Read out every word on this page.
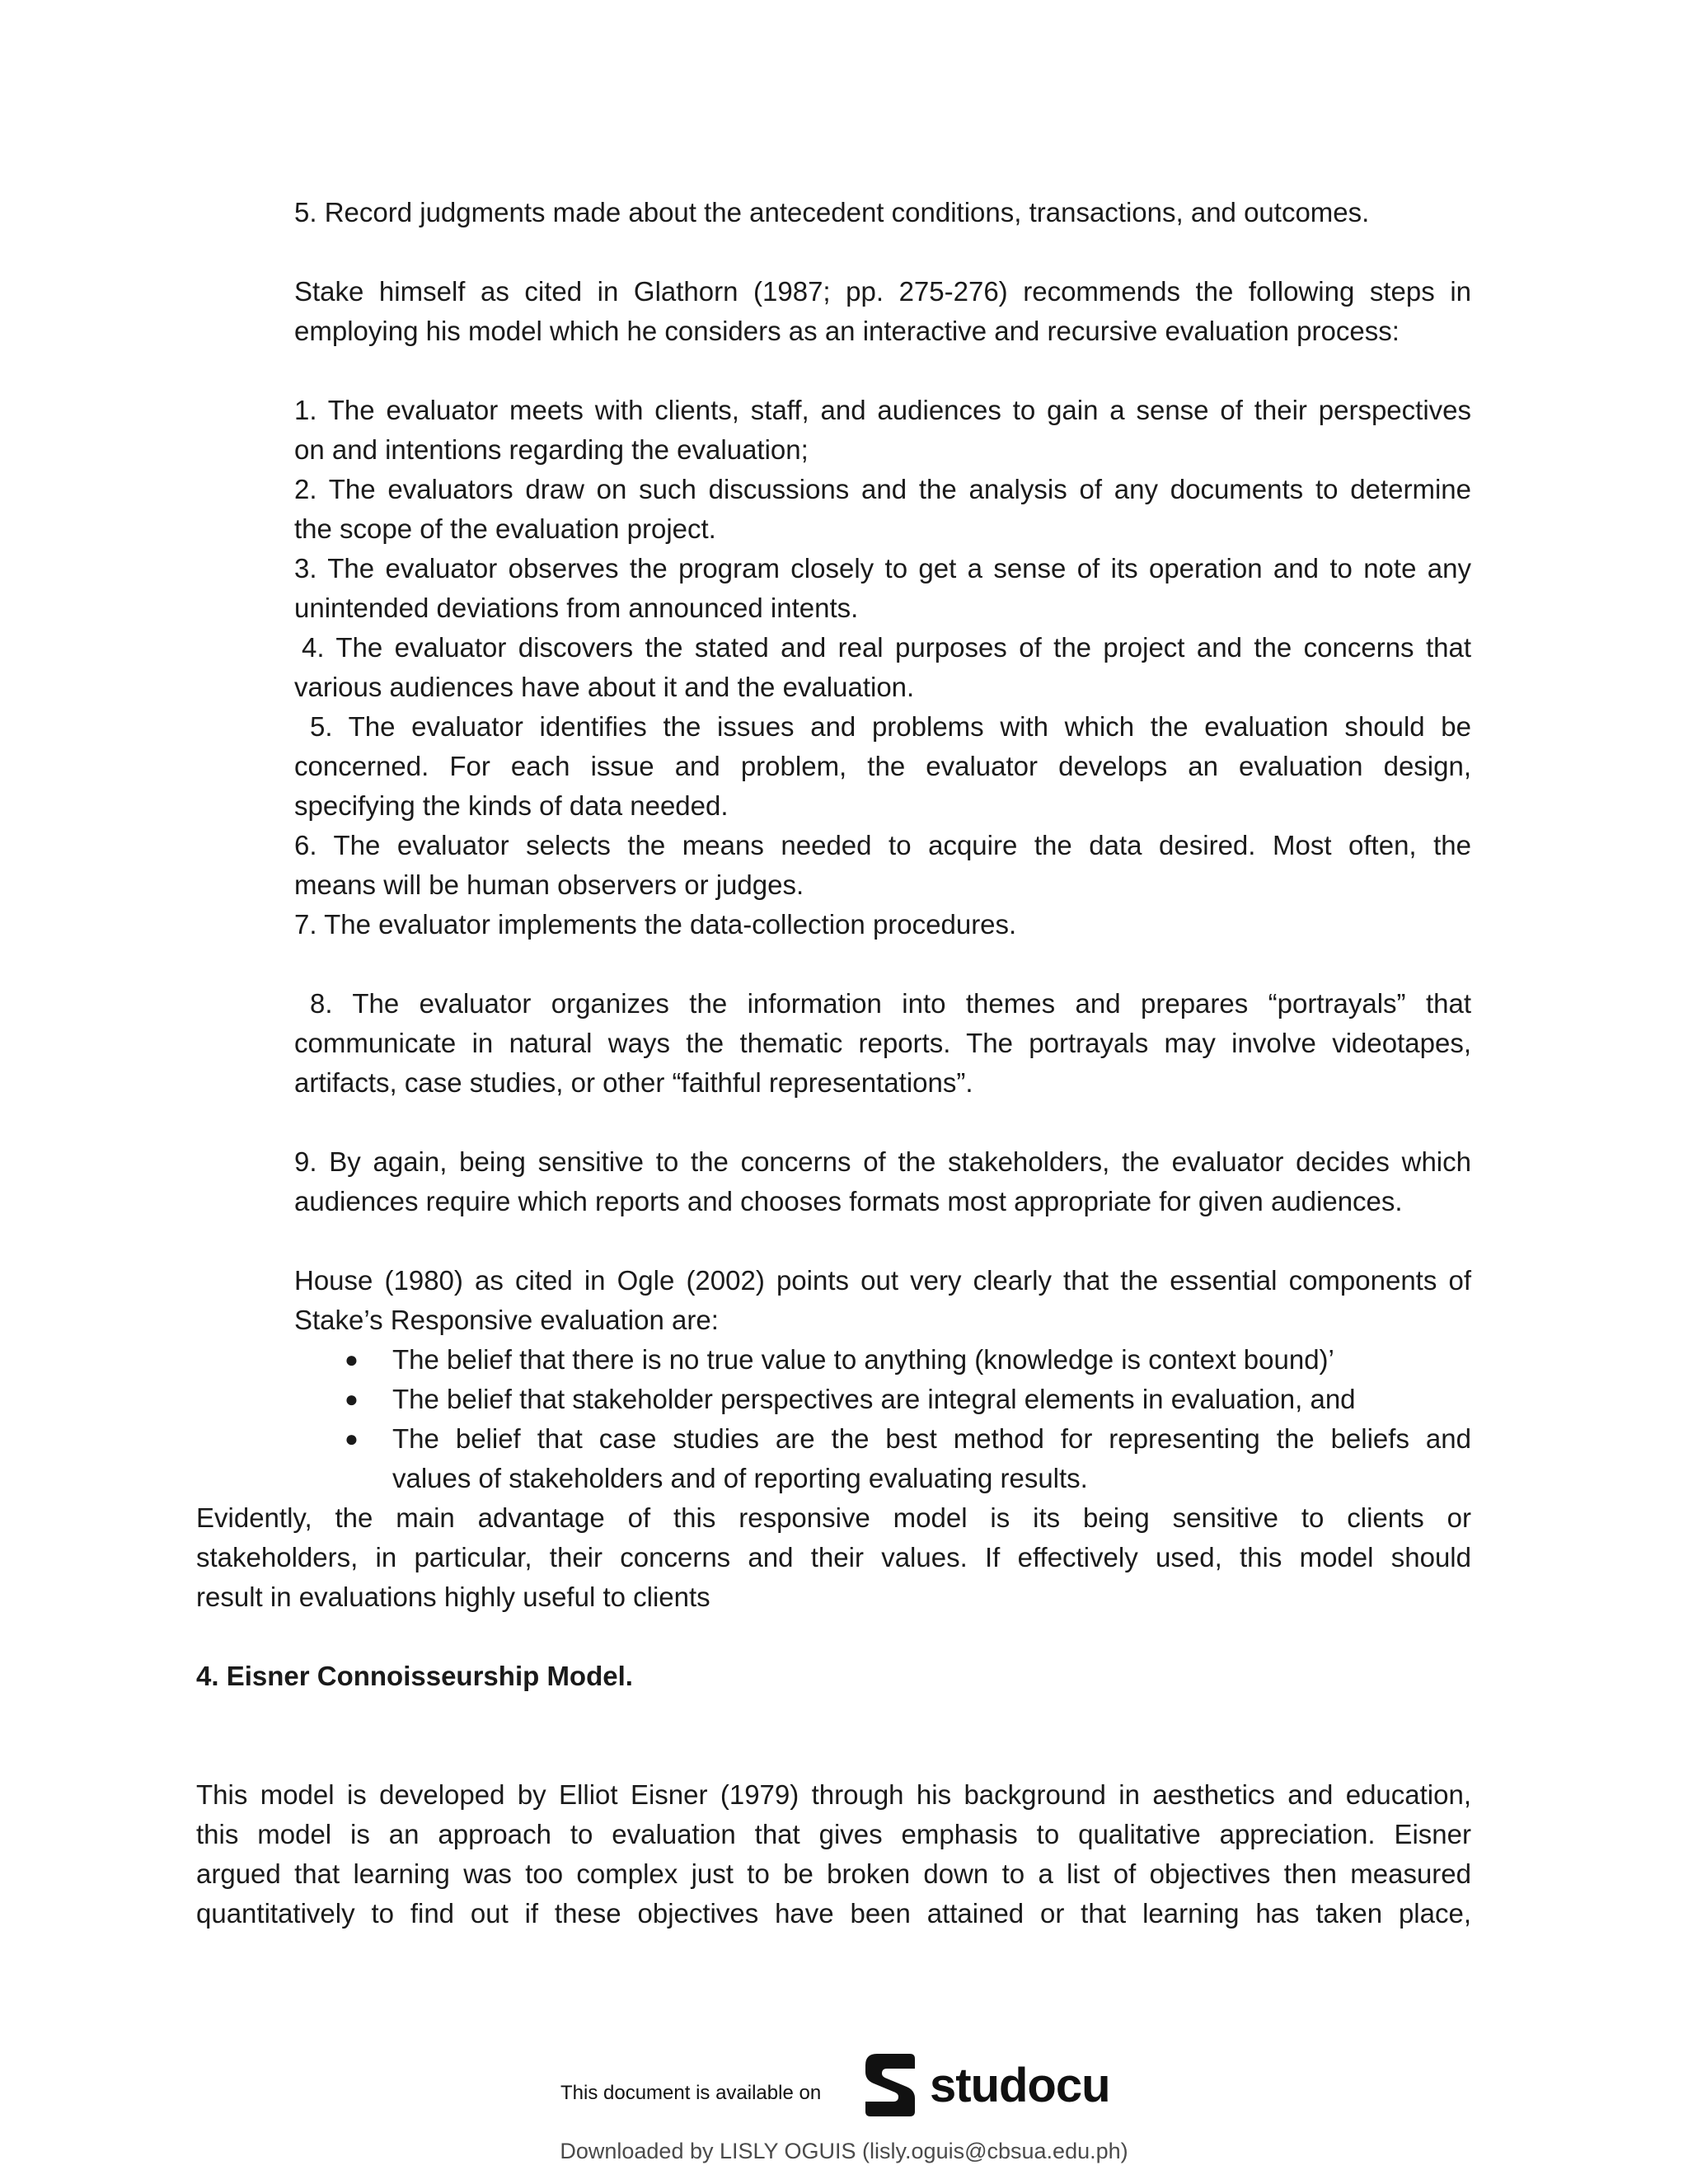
5. Record judgments made about the antecedent conditions, transactions, and outcomes.
Stake himself as cited in Glathorn (1987; pp. 275-276) recommends the following steps in
employing his model which he considers as an interactive and recursive evaluation process:
1. The evaluator meets with clients, staff, and audiences to gain a sense of their perspectives
on and intentions regarding the evaluation;
2. The evaluators draw on such discussions and the analysis of any documents to determine
the scope of the evaluation project.
3. The evaluator observes the program closely to get a sense of its operation and to note any
unintended deviations from announced intents.
4. The evaluator discovers the stated and real purposes of the project and the concerns that
various audiences have about it and the evaluation.
5. The evaluator identifies the issues and problems with which the evaluation should be
concerned. For each issue and problem, the evaluator develops an evaluation design,
specifying the kinds of data needed.
6. The evaluator selects the means needed to acquire the data desired. Most often, the
means will be human observers or judges.
7. The evaluator implements the data-collection procedures.
8. The evaluator organizes the information into themes and prepares “portrayals” that
communicate in natural ways the thematic reports. The portrayals may involve videotapes,
artifacts, case studies, or other “faithful representations”.
9. By again, being sensitive to the concerns of the stakeholders, the evaluator decides which
audiences require which reports and chooses formats most appropriate for given audiences.
House (1980) as cited in Ogle (2002) points out very clearly that the essential components of
Stake’s Responsive evaluation are:
● The belief that there is no true value to anything (knowledge is context bound)’
● The belief that stakeholder perspectives are integral elements in evaluation, and
● The belief that case studies are the best method for representing the beliefs and
values of stakeholders and of reporting evaluating results.
Evidently, the main advantage of this responsive model is its being sensitive to clients or
stakeholders, in particular, their concerns and their values. If effectively used, this model should
result in evaluations highly useful to clients
4. Eisner Connoisseurship Model.
This model is developed by Elliot Eisner (1979) through his background in aesthetics and education,
this model is an approach to evaluation that gives emphasis to qualitative appreciation. Eisner
argued that learning was too complex just to be broken down to a list of objectives then measured
quantitatively to find out if these objectives have been attained or that learning has taken place,
This document is available on studocu
Downloaded by LISLY OGUIS (lisly.oguis@cbsua.edu.ph)
